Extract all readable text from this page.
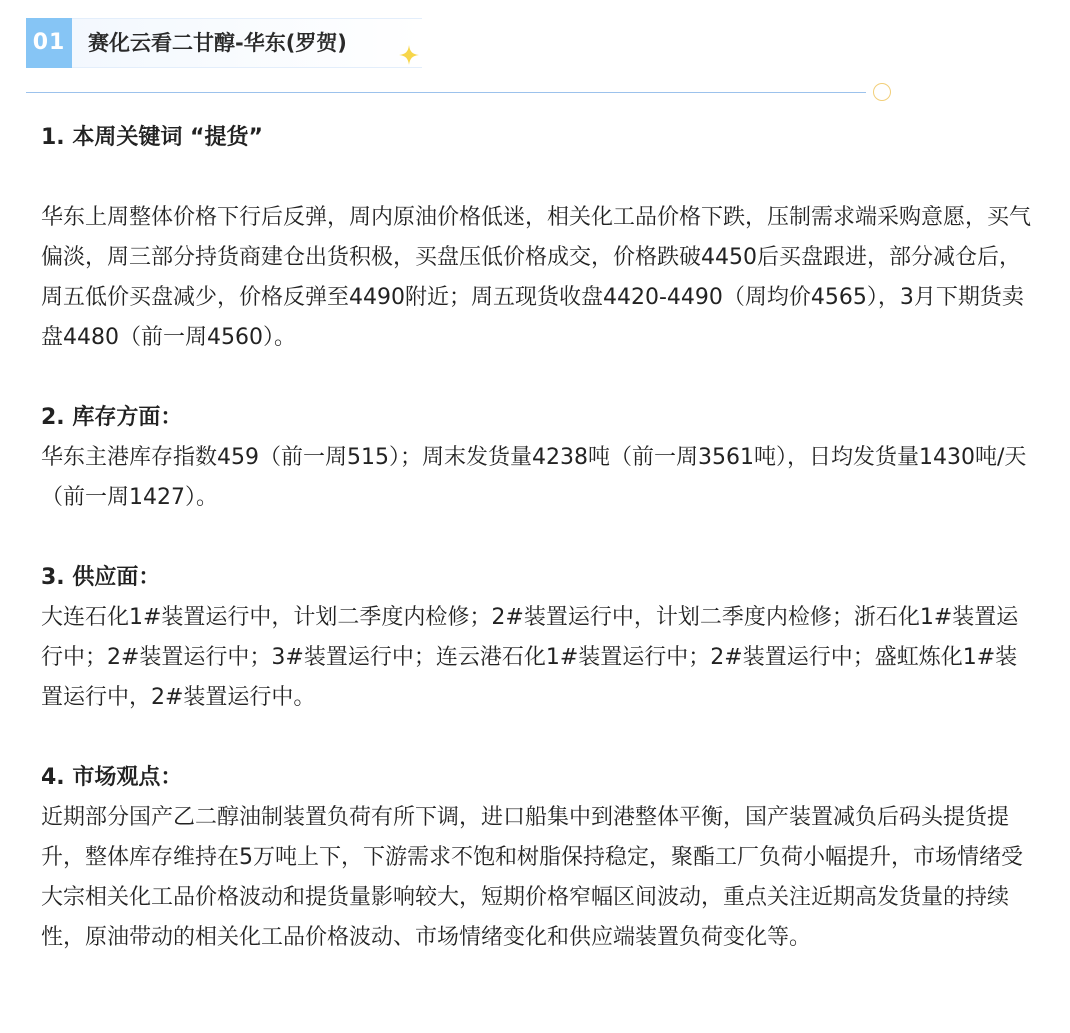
01	赛化云看二甘醇-华东(罗贺)

1. 本周关键词 “提货”

华东上周整体价格下行后反弹，周内原油价格低迷，相关化工品价格下跌，压制需求端采购意愿，买气偏淡，周三部分持货商建仓出货积极，买盘压低价格成交，价格跌破4450后买盘跟进，部分减仓后，周五低价买盘减少，价格反弹至4490附近；周五现货收盘4420-4490（周均价4565），3月下期货卖盘4480（前一周4560）。

2. 库存方面：

华东主港库存指数459（前一周515）；周末发货量4238吨（前一周3561吨），日均发货量1430吨/天（前一周1427）。

3. 供应面：

大连石化1#装置运行中，计划二季度内检修；2#装置运行中，计划二季度内检修；浙石化1#装置运行中；2#装置运行中；3#装置运行中；连云港石化1#装置运行中；2#装置运行中；盛虹炼化1#装置运行中，2#装置运行中。

4. 市场观点：

近期部分国产乙二醇油制装置负荷有所下调，进口船集中到港整体平衡，国产装置减负后码头提货提升，整体库存维持在5万吨上下，下游需求不饱和树脂保持稳定，聚酯工厂负荷小幅提升，市场情绪受大宗相关化工品价格波动和提货量影响较大，短期价格窄幅区间波动，重点关注近期高发货量的持续性，原油带动的相关化工品价格波动、市场情绪变化和供应端装置负荷变化等。
